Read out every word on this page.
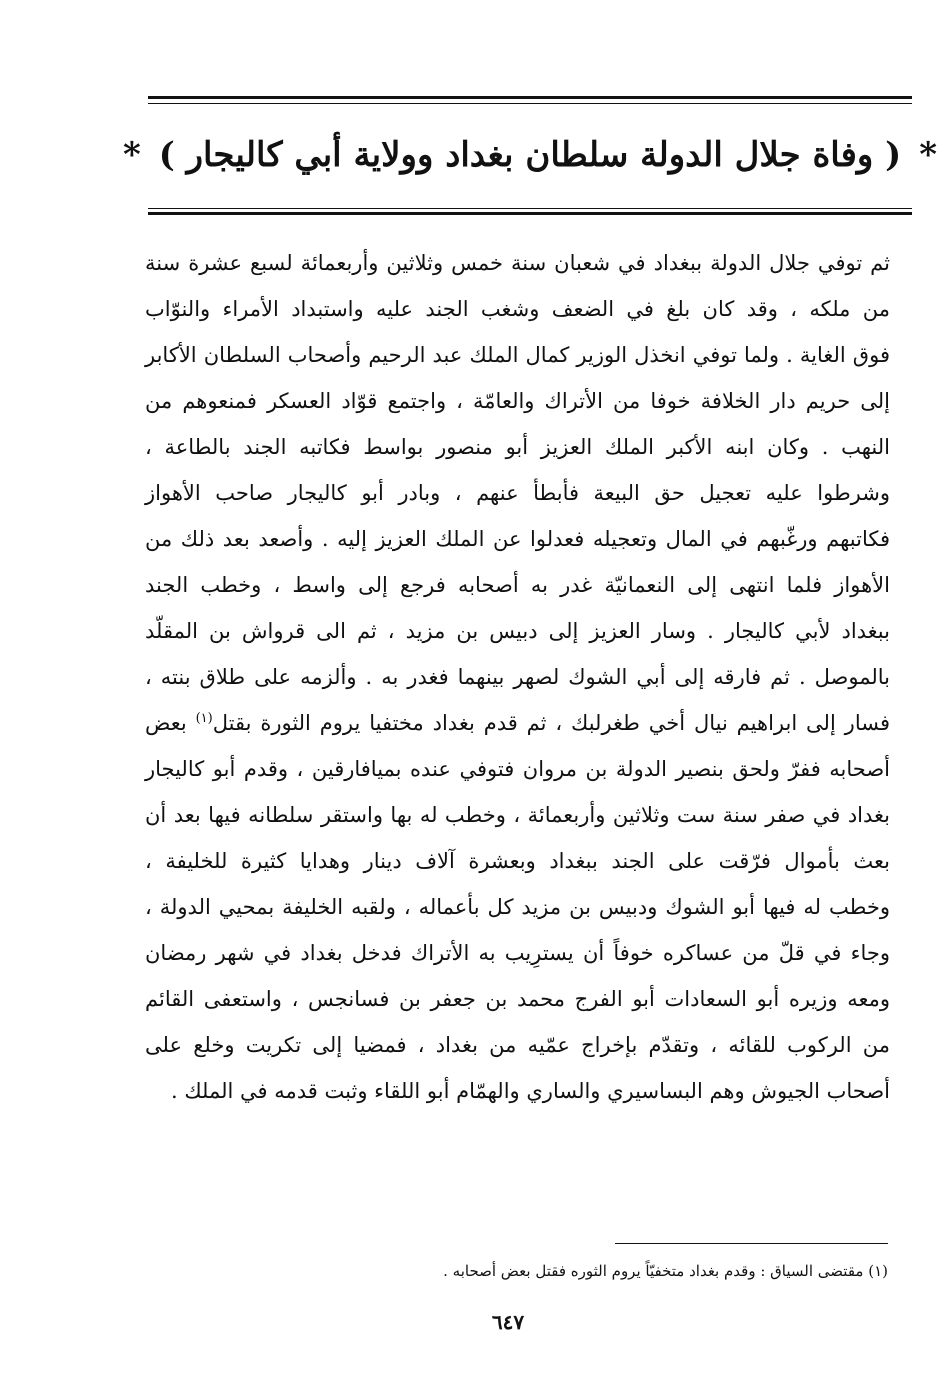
*
( وفاة جلال الدولة سلطان بغداد وولاية أبي كاليجار )
*
ثم توفي جلال الدولة ببغداد في شعبان سنة خمس وثلاثين وأربعمائة لسبع عشرة سنة
من ملكه ، وقد كان بلغ في الضعف وشغب الجند عليه واستبداد الأمراء والنوّاب
فوق الغاية . ولما توفي انخذل الوزير كمال الملك عبد الرحيم وأصحاب السلطان الأكابر
إلى حريم دار الخلافة خوفا من الأتراك والعامّة ، واجتمع قوّاد العسكر فمنعوهم من
النهب . وكان ابنه الأكبر الملك العزيز أبو منصور بواسط فكاتبه الجند بالطاعة ،
وشرطوا عليه تعجيل حق البيعة فأبطأ عنهم ، وبادر أبو كاليجار صاحب الأهواز
فكاتبهم ورغّبهم في المال وتعجيله فعدلوا عن الملك العزيز إليه . وأصعد بعد ذلك من
الأهواز فلما انتهى إلى النعمانيّة غدر به أصحابه فرجع إلى واسط ، وخطب الجند
ببغداد لأبي كاليجار . وسار العزيز إلى دبيس بن مزيد ، ثم الى قرواش بن المقلّد
بالموصل . ثم فارقه إلى أبي الشوك لصهر بينهما فغدر به . وألزمه على طلاق بنته ،
فسار إلى ابراهيم نيال أخي طغرلبك ، ثم قدم بغداد مختفيا يروم الثورة بقتل$^{(١)}$ بعض
أصحابه ففرّ ولحق بنصير الدولة بن مروان فتوفي عنده بميافارقين ، وقدم أبو كاليجار
بغداد في صفر سنة ست وثلاثين وأربعمائة ، وخطب له بها واستقر سلطانه فيها بعد أن
بعث بأموال فرّقت على الجند ببغداد وبعشرة آلاف دينار وهدايا كثيرة للخليفة ،
وخطب له فيها أبو الشوك ودبيس بن مزيد كل بأعماله ، ولقبه الخليفة بمحيي الدولة ،
وجاء في قلّ من عساكره خوفاً أن يسترِيب به الأتراك فدخل بغداد في شهر رمضان
ومعه وزيره أبو السعادات أبو الفرج محمد بن جعفر بن فسانجس ، واستعفى القائم
من الركوب للقائه ، وتقدّم بإخراج عمّيه من بغداد ، فمضيا إلى تكريت وخلع على
أصحاب الجيوش وهم البساسيري والساري والهمّام أبو اللقاء وثبت قدمه في الملك .
(١) مقتضى السياق : وقدم بغداد متخفيّاً يروم الثوره فقتل بعض أصحابه .
٦٤٧
